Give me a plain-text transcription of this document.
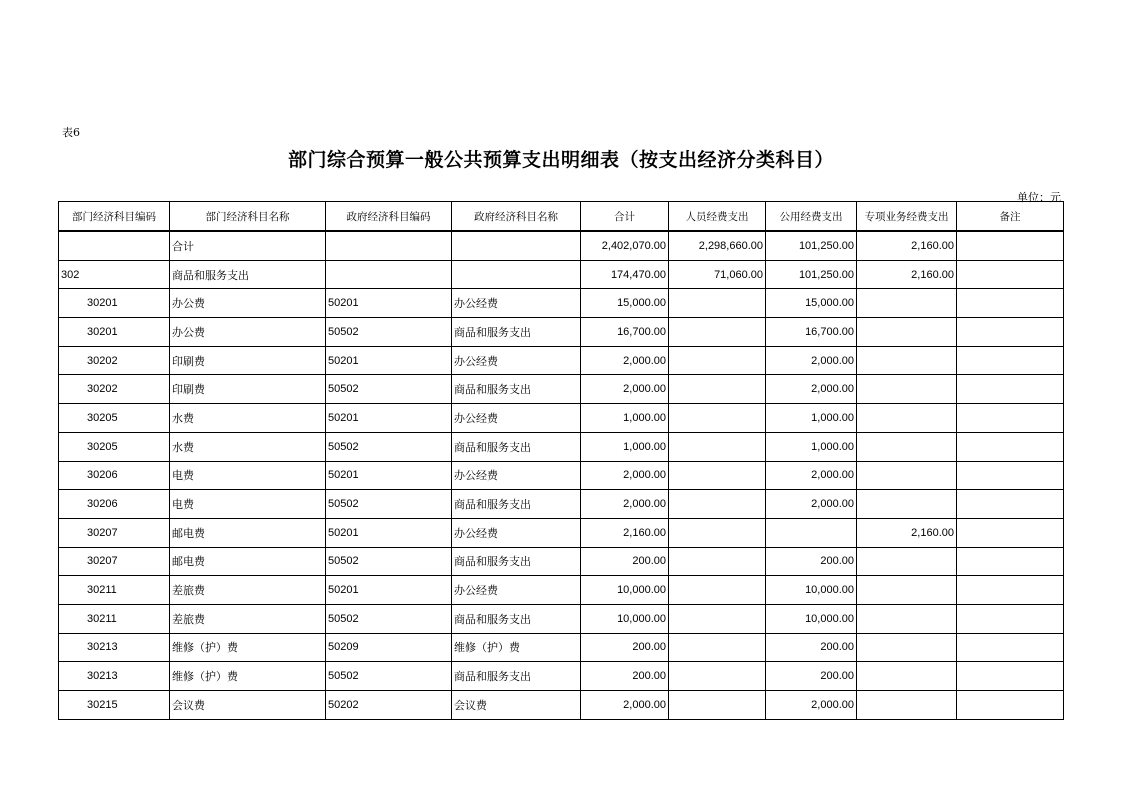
表6
部门综合预算一般公共预算支出明细表（按支出经济分类科目）
单位：元
部门经济科目编码	部门经济科目名称	政府经济科目编码	政府经济科目名称	合计	人员经费支出	公用经费支出	专项业务经费支出	备注
	合计			2,402,070.00	2,298,660.00	101,250.00	2,160.00	
302	商品和服务支出			174,470.00	71,060.00	101,250.00	2,160.00	
30201	办公费	50201	办公经费	15,000.00		15,000.00		
30201	办公费	50502	商品和服务支出	16,700.00		16,700.00		
30202	印刷费	50201	办公经费	2,000.00		2,000.00		
30202	印刷费	50502	商品和服务支出	2,000.00		2,000.00		
30205	水费	50201	办公经费	1,000.00		1,000.00		
30205	水费	50502	商品和服务支出	1,000.00		1,000.00		
30206	电费	50201	办公经费	2,000.00		2,000.00		
30206	电费	50502	商品和服务支出	2,000.00		2,000.00		
30207	邮电费	50201	办公经费	2,160.00			2,160.00	
30207	邮电费	50502	商品和服务支出	200.00		200.00		
30211	差旅费	50201	办公经费	10,000.00		10,000.00		
30211	差旅费	50502	商品和服务支出	10,000.00		10,000.00		
30213	维修（护）费	50209	维修（护）费	200.00		200.00		
30213	维修（护）费	50502	商品和服务支出	200.00		200.00		
30215	会议费	50202	会议费	2,000.00		2,000.00		
